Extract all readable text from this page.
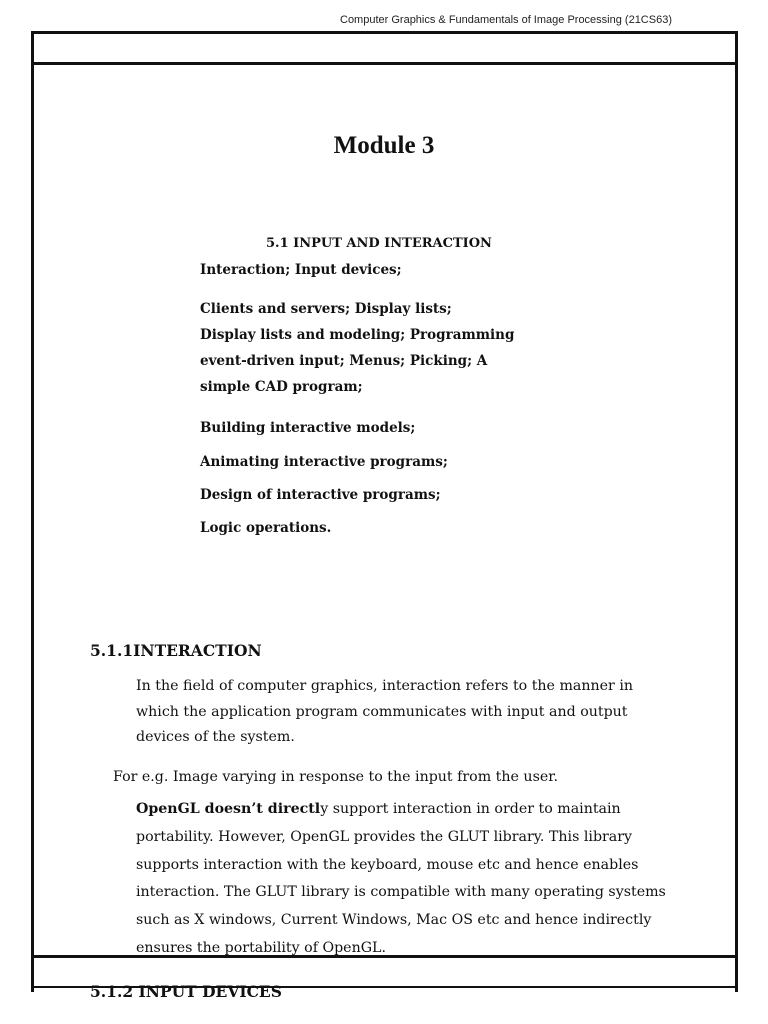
Computer Graphics & Fundamentals of Image Processing (21CS63)
Module 3
5.1 INPUT AND INTERACTION
Interaction; Input devices;
Clients and servers; Display lists;
Display lists and modeling; Programming
event-driven input; Menus; Picking; A
simple CAD program;
Building interactive models;
Animating interactive programs;
Design of interactive programs;
Logic operations.
5.1.1INTERACTION
In the field of computer graphics, interaction refers to the manner in
which the application program communicates with input and output
devices of the system.
For e.g. Image varying in response to the input from the user.
OpenGL doesn’t directly support interaction in order to maintain
portability. However, OpenGL provides the GLUT library. This library
supports interaction with the keyboard, mouse etc and hence enables
interaction. The GLUT library is compatible with many operating systems
such as X windows, Current Windows, Mac OS etc and hence indirectly
ensures the portability of OpenGL.
5.1.2 INPUT DEVICES
